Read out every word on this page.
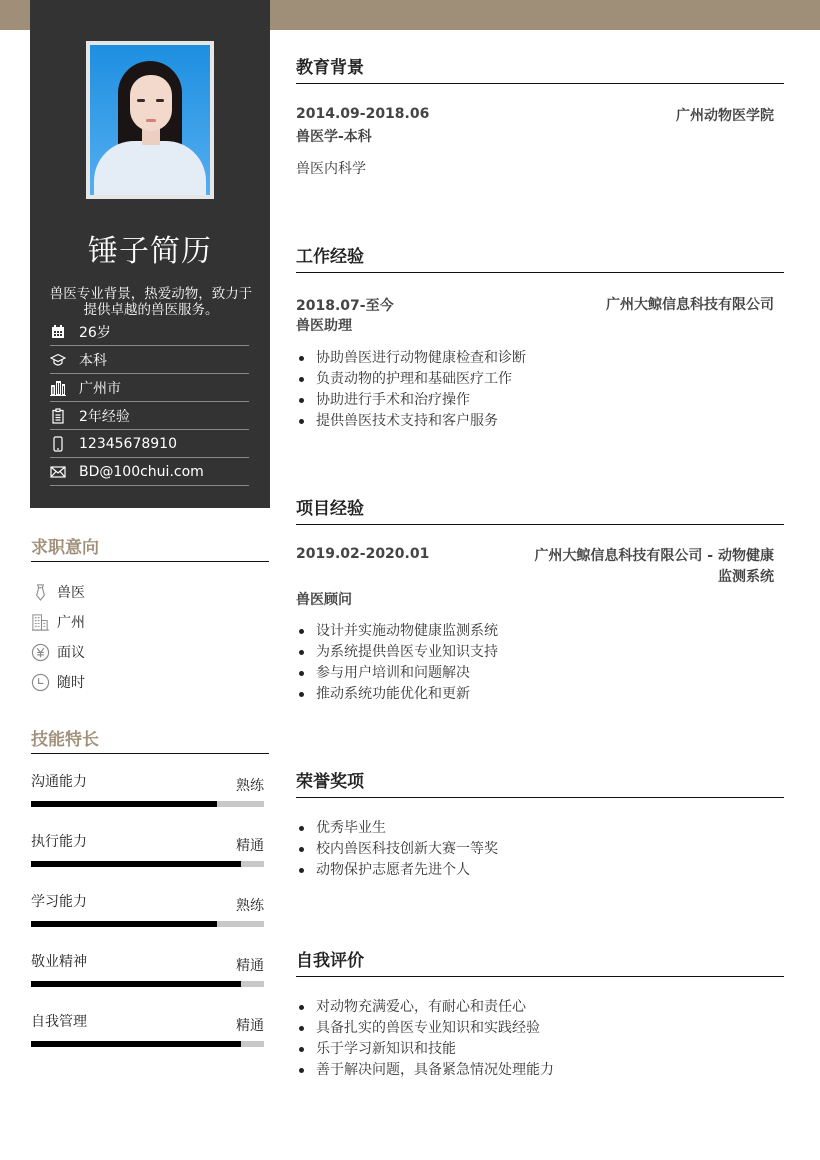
锤子简历
兽医专业背景，热爱动物，致力于提供卓越的兽医服务。
26岁
本科
广州市
2年经验
12345678910
BD@100chui.com
求职意向
兽医
广州
面议
随时
技能特长
沟通能力	熟练
执行能力	精通
学习能力	熟练
敬业精神	精通
自我管理	精通
教育背景
2014.09-2018.06	广州动物医学院
兽医学-本科
兽医内科学
工作经验
2018.07-至今	广州大鲸信息科技有限公司
兽医助理
协助兽医进行动物健康检查和诊断
负责动物的护理和基础医疗工作
协助进行手术和治疗操作
提供兽医技术支持和客户服务
项目经验
2019.02-2020.01	广州大鲸信息科技有限公司 - 动物健康监测系统
兽医顾问
设计并实施动物健康监测系统
为系统提供兽医专业知识支持
参与用户培训和问题解决
推动系统功能优化和更新
荣誉奖项
优秀毕业生
校内兽医科技创新大赛一等奖
动物保护志愿者先进个人
自我评价
对动物充满爱心，有耐心和责任心
具备扎实的兽医专业知识和实践经验
乐于学习新知识和技能
善于解决问题，具备紧急情况处理能力
